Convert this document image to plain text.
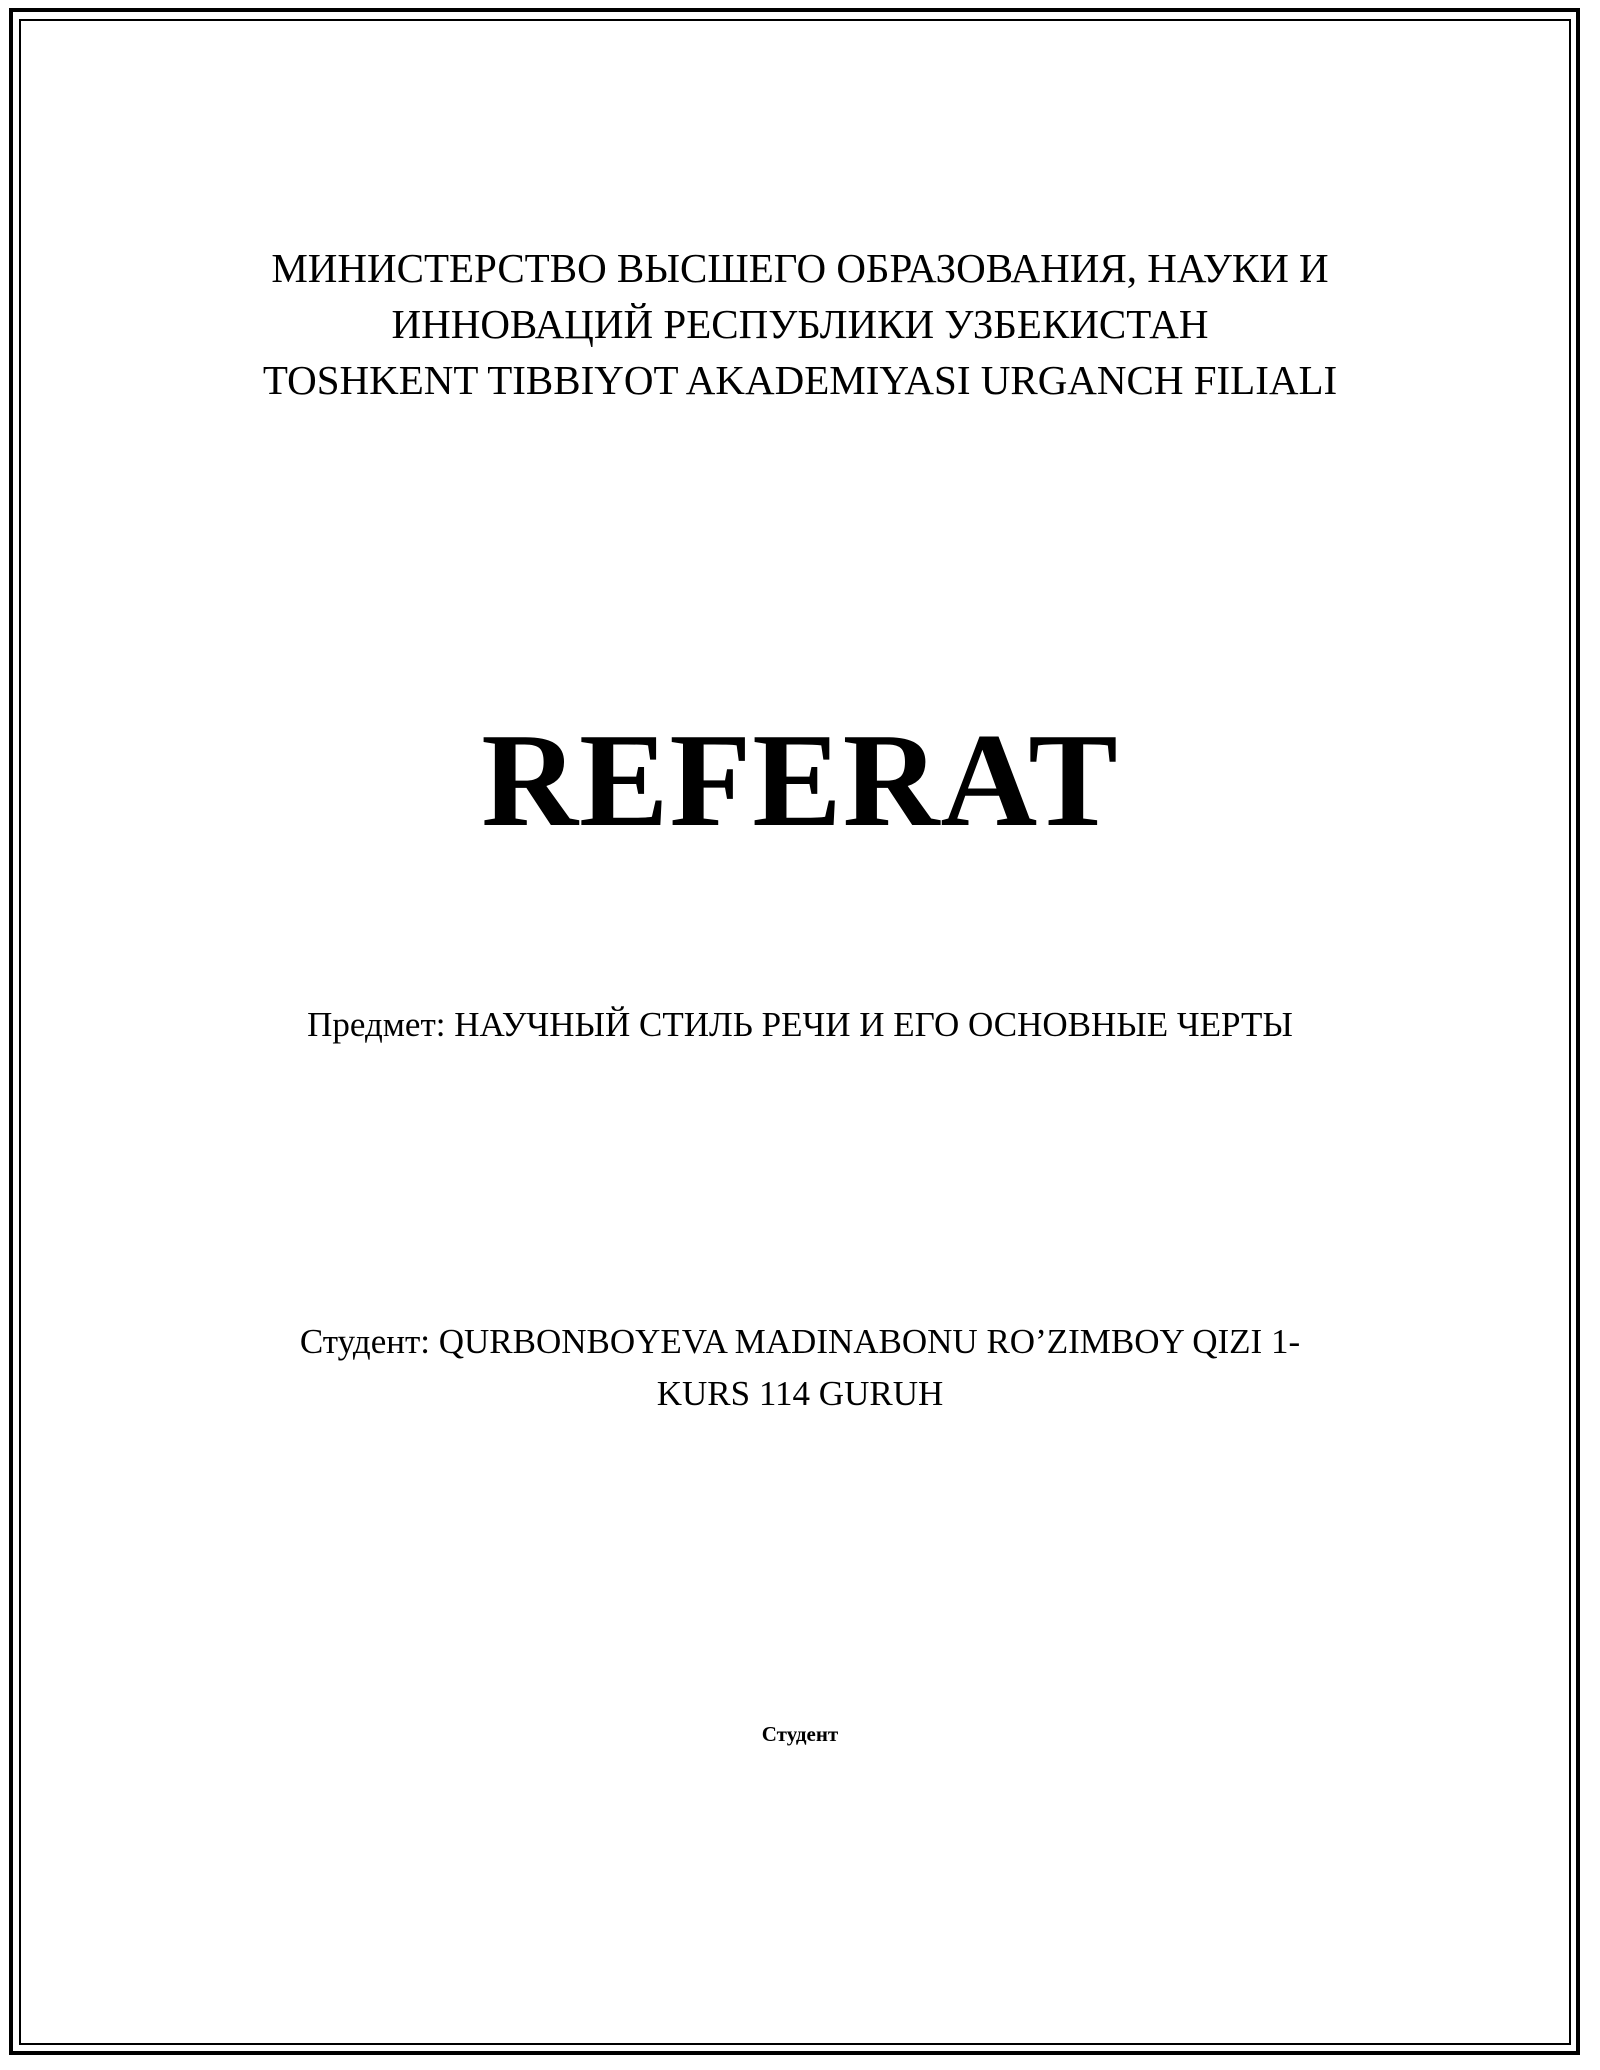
МИНИСТЕРСТВО ВЫСШЕГО ОБРАЗОВАНИЯ, НАУКИ И
ИННОВАЦИЙ РЕСПУБЛИКИ УЗБЕКИСТАН
TOSHKENT TIBBIYOT AKADEMIYASI URGANCH FILIALI
REFERAT
Предмет: НАУЧНЫЙ СТИЛЬ РЕЧИ И ЕГО ОСНОВНЫЕ ЧЕРТЫ
Студент: QURBONBOYEVA MADINABONU RO’ZIMBOY QIZI 1-
KURS 114 GURUH
Студент
